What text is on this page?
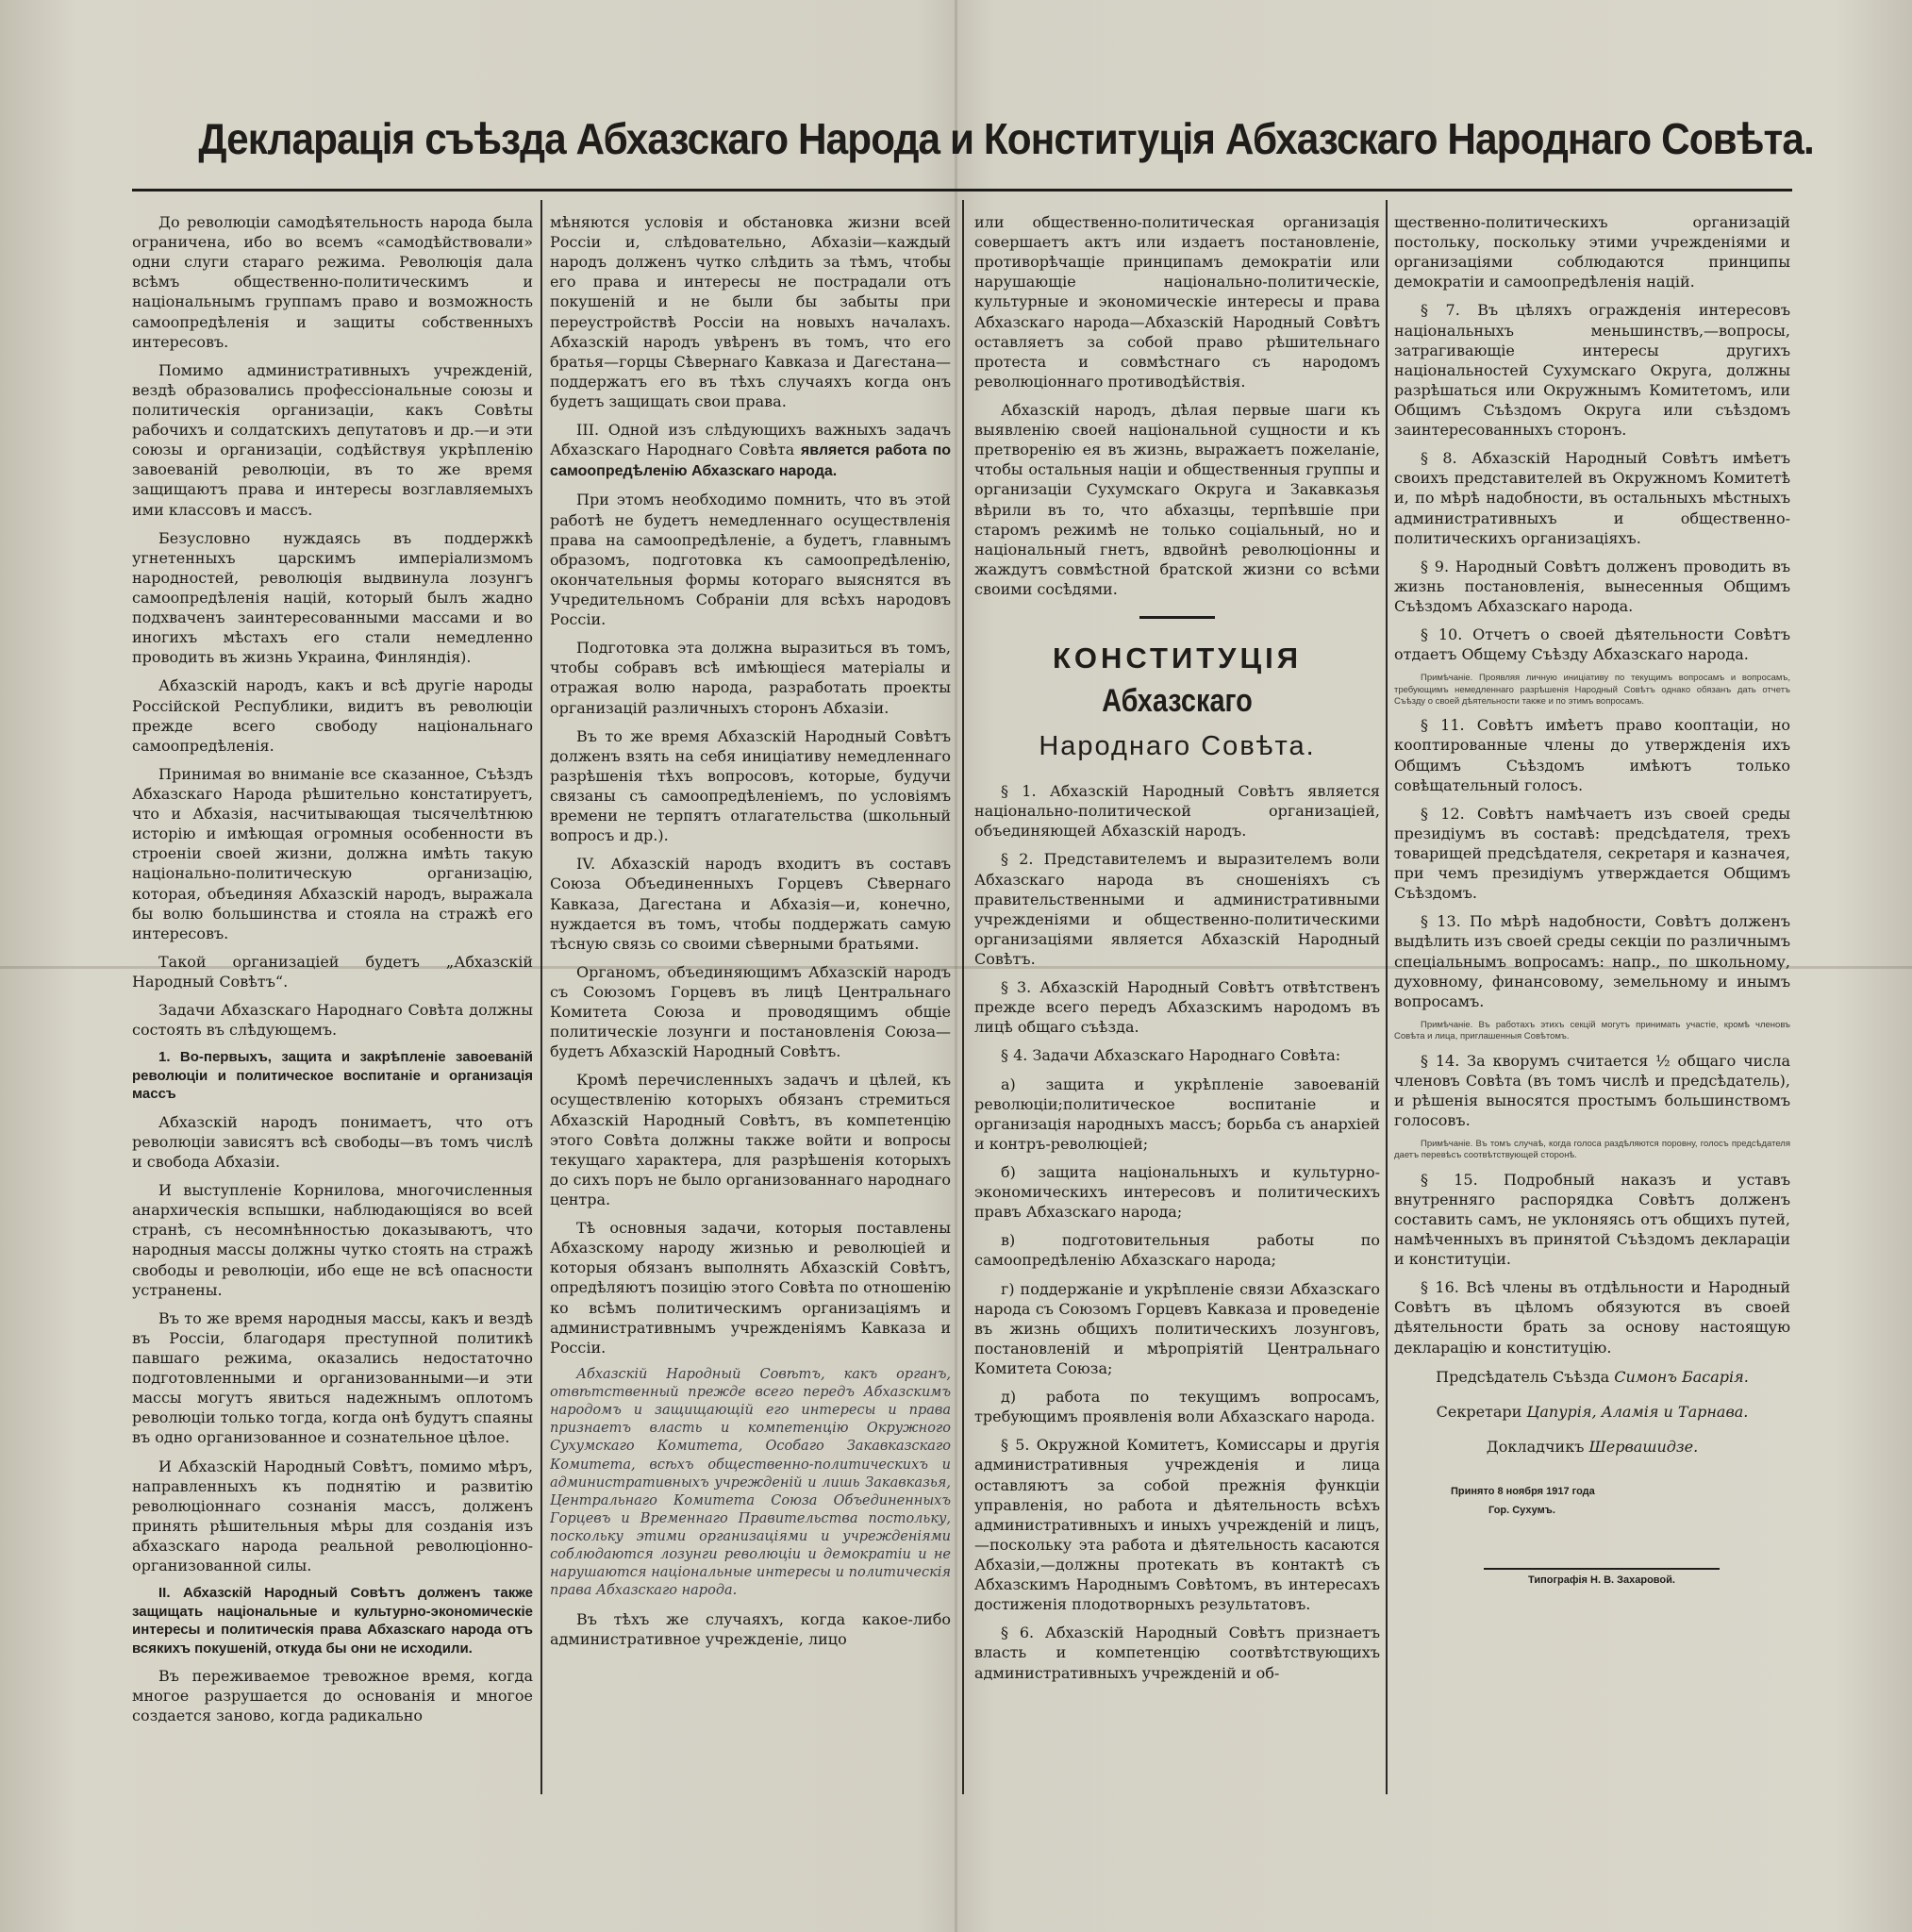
Декларація съѣзда Абхазскаго Народа и Конституція Абхазскаго Народнаго Совѣта.

До революціи самодѣятельность народа была ограничена, ибо во всемъ «самодѣйствовали» одни слуги стараго режима. Революція дала всѣмъ общественно-политическимъ и національнымъ группамъ право и возможность самоопредѣленія и защиты собственныхъ интересовъ.

Помимо административныхъ учрежденій, вездѣ образовались профессіональные союзы и политическія организаціи, какъ Совѣты рабочихъ и солдатскихъ депутатовъ и др.—и эти союзы и организаціи, содѣйствуя укрѣпленію завоеваній революціи, въ то же время защищаютъ права и интересы возглавляемыхъ ими классовъ и массъ.

Безусловно нуждаясь въ поддержкѣ угнетенныхъ царскимъ имперіализмомъ народностей, революція выдвинула лозунгъ самоопредѣленія націй, который былъ жадно подхваченъ заинтересованными массами и во иногихъ мѣстахъ его стали немедленно проводить въ жизнь Украина, Финляндія).

Абхазскій народъ, какъ и всѣ другіе народы Россійской Республики, видитъ въ революціи прежде всего свободу національнаго самоопредѣленія.

Принимая во вниманіе все сказанное, Съѣздъ Абхазскаго Народа рѣшительно констатируетъ, что и Абхазія, насчитывающая тысячелѣтнюю исторію и имѣющая огромныя особенности въ строеніи своей жизни, должна имѣть такую національно-политическую организацію, которая, объединяя Абхазскій народъ, выражала бы волю большинства и стояла на стражѣ его интересовъ.

Такой организаціей будетъ „Абхазскій Народный Совѣтъ“.

Задачи Абхазскаго Народнаго Совѣта должны состоять въ слѣдующемъ.

1. Во-первыхъ, защита и закрѣпленіе завоеваній революціи и политическое воспитаніе и организація массъ

Абхазскій народъ понимаетъ, что отъ революціи зависятъ всѣ свободы—въ томъ числѣ и свобода Абхазіи.

И выступленіе Корнилова, многочисленныя анархическія вспышки, наблюдающіяся во всей странѣ, съ несомнѣнностью доказываютъ, что народныя массы должны чутко стоять на стражѣ свободы и революціи, ибо еще не всѣ опасности устранены.

Въ то же время народныя массы, какъ и вездѣ въ Россіи, благодаря преступной политикѣ павшаго режима, оказались недостаточно подготовленными и организованными—и эти массы могутъ явиться надежнымъ оплотомъ революціи только тогда, когда онѣ будутъ спаяны въ одно организованное и сознательное цѣлое.

И Абхазскій Народный Совѣтъ, помимо мѣръ, направленныхъ къ поднятію и развитію революціоннаго сознанія массъ, долженъ принять рѣшительныя мѣры для созданія изъ абхазскаго народа реальной революціонно-организованной силы.

II. Абхазскій Народный Совѣтъ долженъ также защищать національные и культурно-экономическіе интересы и политическія права Абхазскаго народа отъ всякихъ покушеній, откуда бы они не исходили.

Въ переживаемое тревожное время, когда многое разрушается до основанія и многое создается заново, когда радикально

мѣняются условія и обстановка жизни всей Россіи и, слѣдовательно, Абхазіи—каждый народъ долженъ чутко слѣдить за тѣмъ, чтобы его права и интересы не пострадали отъ покушеній и не были бы забыты при переустройствѣ Россіи на новыхъ началахъ. Абхазскій народъ увѣренъ въ томъ, что его братья—горцы Сѣвернаго Кавказа и Дагестана—поддержатъ его въ тѣхъ случаяхъ когда онъ будетъ защищать свои права.

III. Одной изъ слѣдующихъ важныхъ задачъ Абхазскаго Народнаго Совѣта является работа по самоопредѣленію Абхазскаго народа.

При этомъ необходимо помнить, что въ этой работѣ не будетъ немедленнаго осуществленія права на самоопредѣленіе, а будетъ, главнымъ образомъ, подготовка къ самоопредѣленію, окончательныя формы котораго выяснятся въ Учредительномъ Собраніи для всѣхъ народовъ Россіи.

Подготовка эта должна выразиться въ томъ, чтобы собравъ всѣ имѣющіеся матеріалы и отражая волю народа, разработать проекты организацій различныхъ сторонъ Абхазіи.

Въ то же время Абхазскій Народный Совѣтъ долженъ взять на себя иниціативу немедленнаго разрѣшенія тѣхъ вопросовъ, которые, будучи связаны съ самоопредѣленіемъ, по условіямъ времени не терпятъ отлагательства (школьный вопросъ и др.).

IV. Абхазскій народъ входитъ въ составъ Союза Объединенныхъ Горцевъ Сѣвернаго Кавказа, Дагестана и Абхазія—и, конечно, нуждается въ томъ, чтобы поддержать самую тѣсную связь со своими сѣверными братьями.

Органомъ, объединяющимъ Абхазскій народъ съ Союзомъ Горцевъ въ лицѣ Центральнаго Комитета Союза и проводящимъ общіе политическіе лозунги и постановленія Союза—будетъ Абхазскій Народный Совѣтъ.

Кромѣ перечисленныхъ задачъ и цѣлей, къ осуществленію которыхъ обязанъ стремиться Абхазскій Народный Совѣтъ, въ компетенцію этого Совѣта должны также войти и вопросы текущаго характера, для разрѣшенія которыхъ до сихъ поръ не было организованнаго народнаго центра.

Тѣ основныя задачи, которыя поставлены Абхазскому народу жизнью и революціей и которыя обязанъ выполнять Абхазскій Совѣтъ, опредѣляютъ позицію этого Совѣта по отношенію ко всѣмъ политическимъ организаціямъ и административнымъ учрежденіямъ Кавказа и Россіи.

Абхазскій Народный Совѣтъ, какъ органъ, отвѣтственный прежде всего передъ Абхазскимъ народомъ и защищающій его интересы и права признаетъ власть и компетенцію Окружного Сухумскаго Комитета, Особаго Закавказскаго Комитета, всѣхъ общественно-политическихъ и административныхъ учрежденій и лишь Закавказья, Центральнаго Комитета Союза Объединенныхъ Горцевъ и Временнаго Правительства постольку, поскольку этими организаціями и учрежденіями соблюдаются лозунги революціи и демократіи и не нарушаются національные интересы и политическія права Абхазскаго народа.

Въ тѣхъ же случаяхъ, когда какое-либо административное учрежденіе, лицо

или общественно-политическая организація совершаетъ актъ или издаетъ постановленіе, противорѣчащіе принципамъ демократіи или нарушающіе національно-политическіе, культурные и экономическіе интересы и права Абхазскаго народа—Абхазскій Народный Совѣтъ оставляетъ за собой право рѣшительнаго протеста и совмѣстнаго съ народомъ революціоннаго противодѣйствія.

Абхазскій народъ, дѣлая первые шаги къ выявленію своей національной сущности и къ претворенію ея въ жизнь, выражаетъ пожеланіе, чтобы остальныя націи и общественныя группы и организаціи Сухумскаго Округа и Закавказья вѣрили въ то, что абхазцы, терпѣвшіе при старомъ режимѣ не только соціальный, но и національный гнетъ, вдвойнѣ революціонны и жаждутъ совмѣстной братской жизни со всѣми своими сосѣдями.

КОНСТИТУЦІЯ

Абхазскаго

Народнаго Совѣта.

§ 1. Абхазскій Народный Совѣтъ является національно-политической организаціей, объединяющей Абхазскій народъ.

§ 2. Представителемъ и выразителемъ воли Абхазскаго народа въ сношеніяхъ съ правительственными и административными учрежденіями и общественно-политическими организаціями является Абхазскій Народный Совѣтъ.

§ 3. Абхазскій Народный Совѣтъ отвѣтственъ прежде всего передъ Абхазскимъ народомъ въ лицѣ общаго съѣзда.

§ 4. Задачи Абхазскаго Народнаго Совѣта:

а) защита и укрѣпленіе завоеваній революціи;политическое воспитаніе и организація народныхъ массъ; борьба съ анархіей и контръ-революціей;

б) защита національныхъ и культурно-экономическихъ интересовъ и политическихъ правъ Абхазскаго народа;

в) подготовительныя работы по самоопредѣленію Абхазскаго народа;

г) поддержаніе и укрѣпленіе связи Абхазскаго народа съ Союзомъ Горцевъ Кавказа и проведеніе въ жизнь общихъ политическихъ лозунговъ, постановленій и мѣропріятій Центральнаго Комитета Союза;

д) работа по текущимъ вопросамъ, требующимъ проявленія воли Абхазскаго народа.

§ 5. Окружной Комитетъ, Комиссары и другія административныя учрежденія и лица оставляютъ за собой прежнія функціи управленія, но работа и дѣятельность всѣхъ административныхъ и иныхъ учрежденій и лицъ,—поскольку эта работа и дѣятельность касаются Абхазіи,—должны протекать въ контактѣ съ Абхазскимъ Народнымъ Совѣтомъ, въ интересахъ достиженія плодотворныхъ результатовъ.

§ 6. Абхазскій Народный Совѣтъ признаетъ власть и компетенцію соотвѣтствующихъ административныхъ учрежденій и об-

щественно-политическихъ организацій постольку, поскольку этими учрежденіями и организаціями соблюдаются принципы демократіи и самоопредѣленія націй.

§ 7. Въ цѣляхъ огражденія интересовъ національныхъ меньшинствъ,—вопросы, затрагивающіе интересы другихъ національностей Сухумскаго Округа, должны разрѣшаться или Окружнымъ Комитетомъ, или Общимъ Съѣздомъ Округа или съѣздомъ заинтересованныхъ сторонъ.

§ 8. Абхазскій Народный Совѣтъ имѣетъ своихъ представителей въ Окружномъ Комитетѣ и, по мѣрѣ надобности, въ остальныхъ мѣстныхъ административныхъ и общественно-политическихъ организаціяхъ.

§ 9. Народный Совѣтъ долженъ проводить въ жизнь постановленія, вынесенныя Общимъ Съѣздомъ Абхазскаго народа.

§ 10. Отчетъ о своей дѣятельности Совѣтъ отдаетъ Общему Съѣзду Абхазскаго народа.

Примѣчаніе. Проявляя личную иниціативу по текущимъ вопросамъ и вопросамъ, требующимъ немедленнаго разрѣшенія Народный Совѣтъ однако обязанъ дать отчетъ Съѣзду о своей дѣятельности также и по этимъ вопросамъ.

§ 11. Совѣтъ имѣетъ право кооптаціи, но кооптированные члены до утвержденія ихъ Общимъ Съѣздомъ имѣютъ только совѣщательный голосъ.

§ 12. Совѣтъ намѣчаетъ изъ своей среды президіумъ въ составѣ: предсѣдателя, трехъ товарищей предсѣдателя, секретаря и казначея, при чемъ президіумъ утверждается Общимъ Съѣздомъ.

§ 13. По мѣрѣ надобности, Совѣтъ долженъ выдѣлить изъ своей среды секціи по различнымъ спеціальнымъ вопросамъ: напр., по школьному, духовному, финансовому, земельному и инымъ вопросамъ.

Примѣчаніе. Въ работахъ этихъ секцій могутъ принимать участіе, кромѣ членовъ Совѣта и лица, приглашенныя Совѣтомъ.

§ 14. За кворумъ считается ½ общаго числа членовъ Совѣта (въ томъ числѣ и предсѣдатель), и рѣшенія выносятся простымъ большинствомъ голосовъ.

Примѣчаніе. Въ томъ случаѣ, когда голоса раздѣляются поровну, голосъ предсѣдателя даетъ перевѣсъ соотвѣтствующей сторонѣ.

§ 15. Подробный наказъ и уставъ внутренняго распорядка Совѣтъ долженъ составить самъ, не уклоняясь отъ общихъ путей, намѣченныхъ въ принятой Съѣздомъ деклараціи и конституціи.

§ 16. Всѣ члены въ отдѣльности и Народный Совѣтъ въ цѣломъ обязуются въ своей дѣятельности брать за основу настоящую декларацію и конституцію.

Предсѣдатель Съѣзда Симонъ Басарія.

Секретари Цапурія, Аламія и Тарнава.

Докладчикъ Шервашидзе.

Принято 8 ноября 1917 года
Гор. Сухумъ.
Типографія Н. В. Захаровой.
